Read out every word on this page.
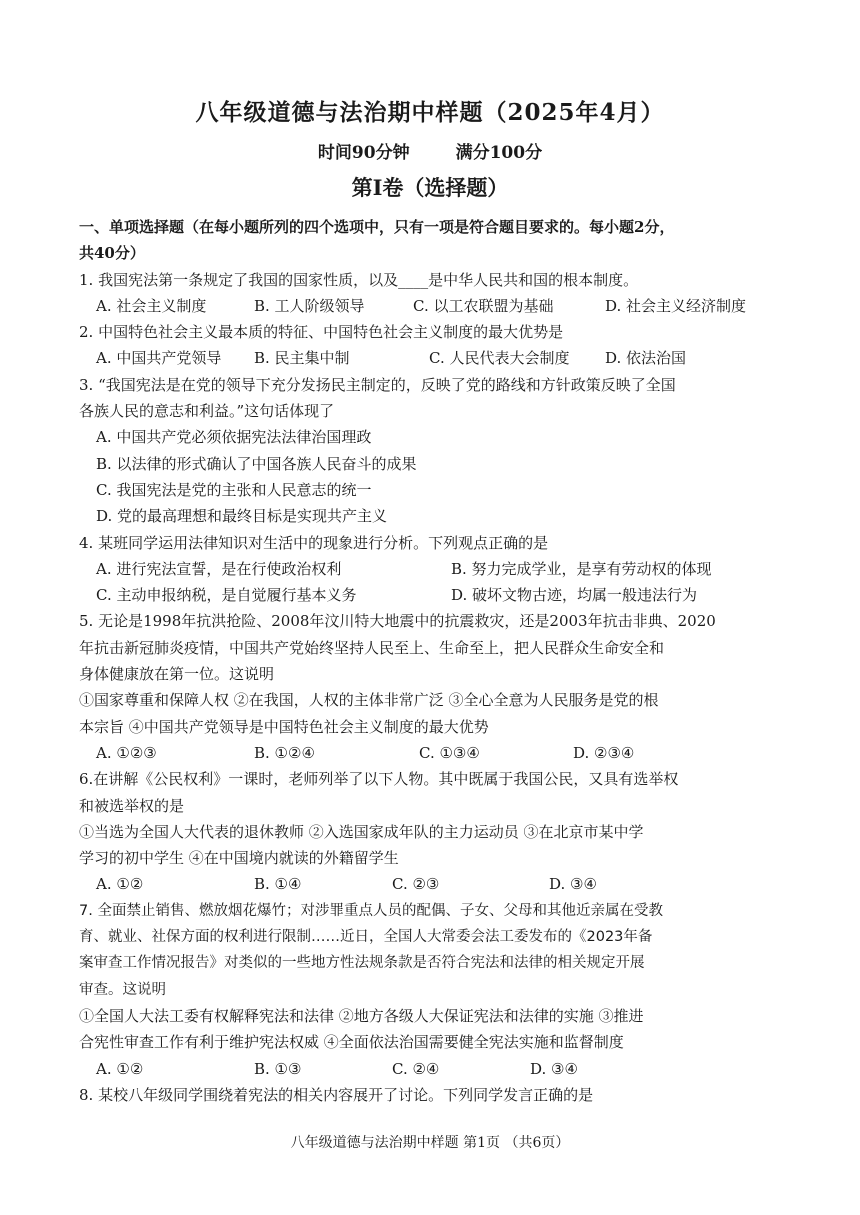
八年级道德与法治期中样题（2025年4月）
时间90分钟	满分100分
第Ⅰ卷（选择题）
一、单项选择题（在每小题所列的四个选项中，只有一项是符合题目要求的。每小题2分，
共40分）
1. 我国宪法第一条规定了我国的国家性质，以及____是中华人民共和国的根本制度。
A. 社会主义制度	B. 工人阶级领导	C. 以工农联盟为基础	D. 社会主义经济制度
2. 中国特色社会主义最本质的特征、中国特色社会主义制度的最大优势是
A. 中国共产党领导	B. 民主集中制	C. 人民代表大会制度	D. 依法治国
3. “我国宪法是在党的领导下充分发扬民主制定的，反映了党的路线和方针政策反映了全国
各族人民的意志和利益。”这句话体现了
A. 中国共产党必须依据宪法法律治国理政
B. 以法律的形式确认了中国各族人民奋斗的成果
C. 我国宪法是党的主张和人民意志的统一
D. 党的最高理想和最终目标是实现共产主义
4. 某班同学运用法律知识对生活中的现象进行分析。下列观点正确的是
A. 进行宪法宣誓，是在行使政治权利	B. 努力完成学业，是享有劳动权的体现
C. 主动申报纳税，是自觉履行基本义务	D. 破坏文物古迹，均属一般违法行为
5. 无论是1998年抗洪抢险、2008年汶川特大地震中的抗震救灾，还是2003年抗击非典、2020
年抗击新冠肺炎疫情，中国共产党始终坚持人民至上、生命至上，把人民群众生命安全和
身体健康放在第一位。这说明
①国家尊重和保障人权 ②在我国，人权的主体非常广泛 ③全心全意为人民服务是党的根
本宗旨 ④中国共产党领导是中国特色社会主义制度的最大优势
A. ①②③	B. ①②④	C. ①③④	D. ②③④
6.在讲解《公民权利》一课时，老师列举了以下人物。其中既属于我国公民，又具有选举权
和被选举权的是
①当选为全国人大代表的退休教师 ②入选国家成年队的主力运动员 ③在北京市某中学
学习的初中学生 ④在中国境内就读的外籍留学生
A. ①②	B. ①④	C. ②③	D. ③④
7. 全面禁止销售、燃放烟花爆竹；对涉罪重点人员的配偶、子女、父母和其他近亲属在受教
育、就业、社保方面的权利进行限制……近日，全国人大常委会法工委发布的《2023年备
案审查工作情况报告》对类似的一些地方性法规条款是否符合宪法和法律的相关规定开展
审查。这说明
①全国人大法工委有权解释宪法和法律 ②地方各级人大保证宪法和法律的实施 ③推进
合宪性审查工作有利于维护宪法权威 ④全面依法治国需要健全宪法实施和监督制度
A. ①②	B. ①③	C. ②④	D. ③④
8. 某校八年级同学围绕着宪法的相关内容展开了讨论。下列同学发言正确的是
八年级道德与法治期中样题 第1页 （共6页）
